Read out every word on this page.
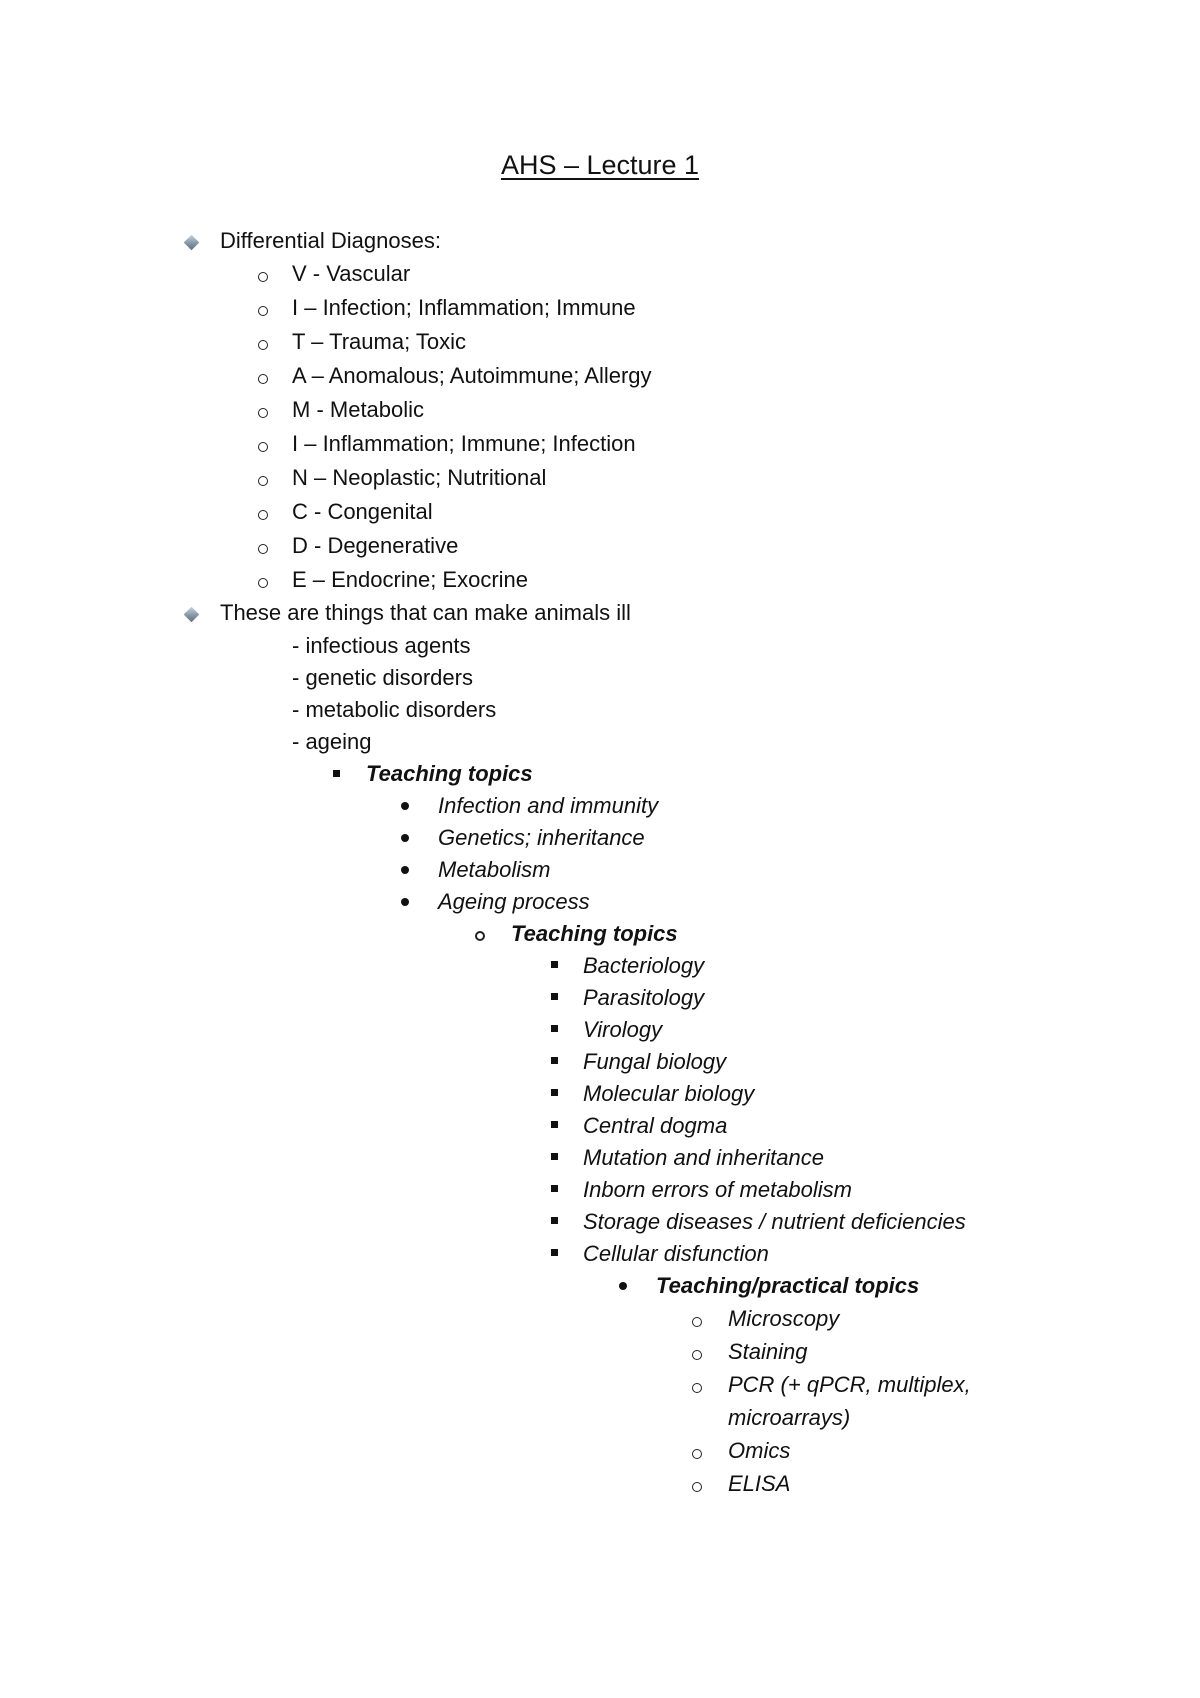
AHS – Lecture 1
Differential Diagnoses:
V - Vascular
I – Infection; Inflammation; Immune
T – Trauma; Toxic
A – Anomalous; Autoimmune; Allergy
M - Metabolic
I – Inflammation; Immune; Infection
N – Neoplastic; Nutritional
C - Congenital
D - Degenerative
E – Endocrine; Exocrine
These are things that can make animals ill
- infectious agents
- genetic disorders
- metabolic disorders
- ageing
Teaching topics
Infection and immunity
Genetics; inheritance
Metabolism
Ageing process
Teaching topics
Bacteriology
Parasitology
Virology
Fungal biology
Molecular biology
Central dogma
Mutation and inheritance
Inborn errors of metabolism
Storage diseases / nutrient deficiencies
Cellular disfunction
Teaching/practical topics
Microscopy
Staining
PCR (+ qPCR, multiplex,
microarrays)
Omics
ELISA
